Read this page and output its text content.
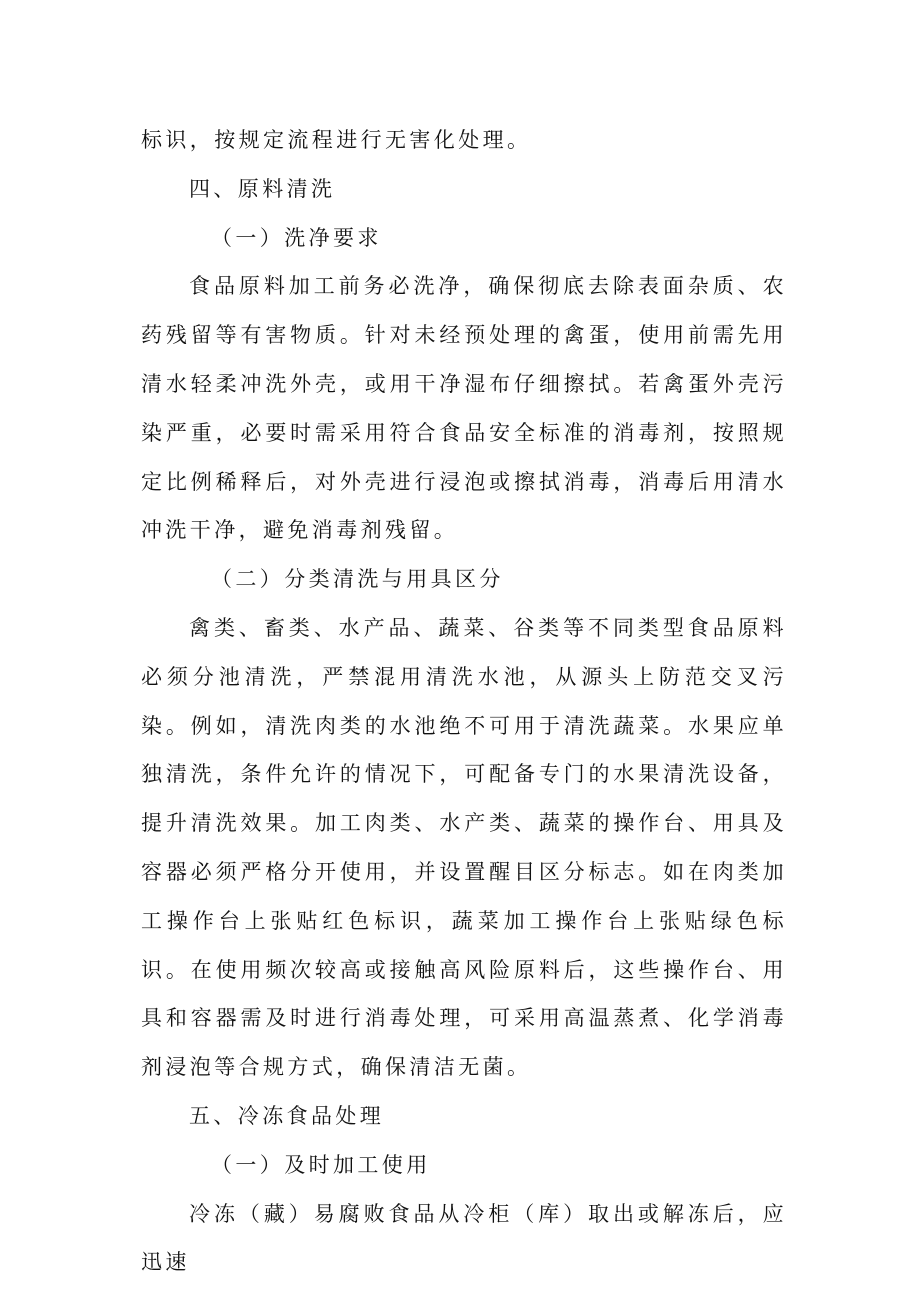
标识，按规定流程进行无害化处理。

四、原料清洗

（一）洗净要求

食品原料加工前务必洗净，确保彻底去除表面杂质、农药残留等有害物质。针对未经预处理的禽蛋，使用前需先用清水轻柔冲洗外壳，或用干净湿布仔细擦拭。若禽蛋外壳污染严重，必要时需采用符合食品安全标准的消毒剂，按照规定比例稀释后，对外壳进行浸泡或擦拭消毒，消毒后用清水冲洗干净，避免消毒剂残留。

（二）分类清洗与用具区分

禽类、畜类、水产品、蔬菜、谷类等不同类型食品原料必须分池清洗，严禁混用清洗水池，从源头上防范交叉污染。例如，清洗肉类的水池绝不可用于清洗蔬菜。水果应单独清洗，条件允许的情况下，可配备专门的水果清洗设备，提升清洗效果。加工肉类、水产类、蔬菜的操作台、用具及容器必须严格分开使用，并设置醒目区分标志。如在肉类加工操作台上张贴红色标识，蔬菜加工操作台上张贴绿色标识。在使用频次较高或接触高风险原料后，这些操作台、用具和容器需及时进行消毒处理，可采用高温蒸煮、化学消毒剂浸泡等合规方式，确保清洁无菌。

五、冷冻食品处理

（一）及时加工使用

冷冻（藏）易腐败食品从冷柜（库）取出或解冻后，应迅速
